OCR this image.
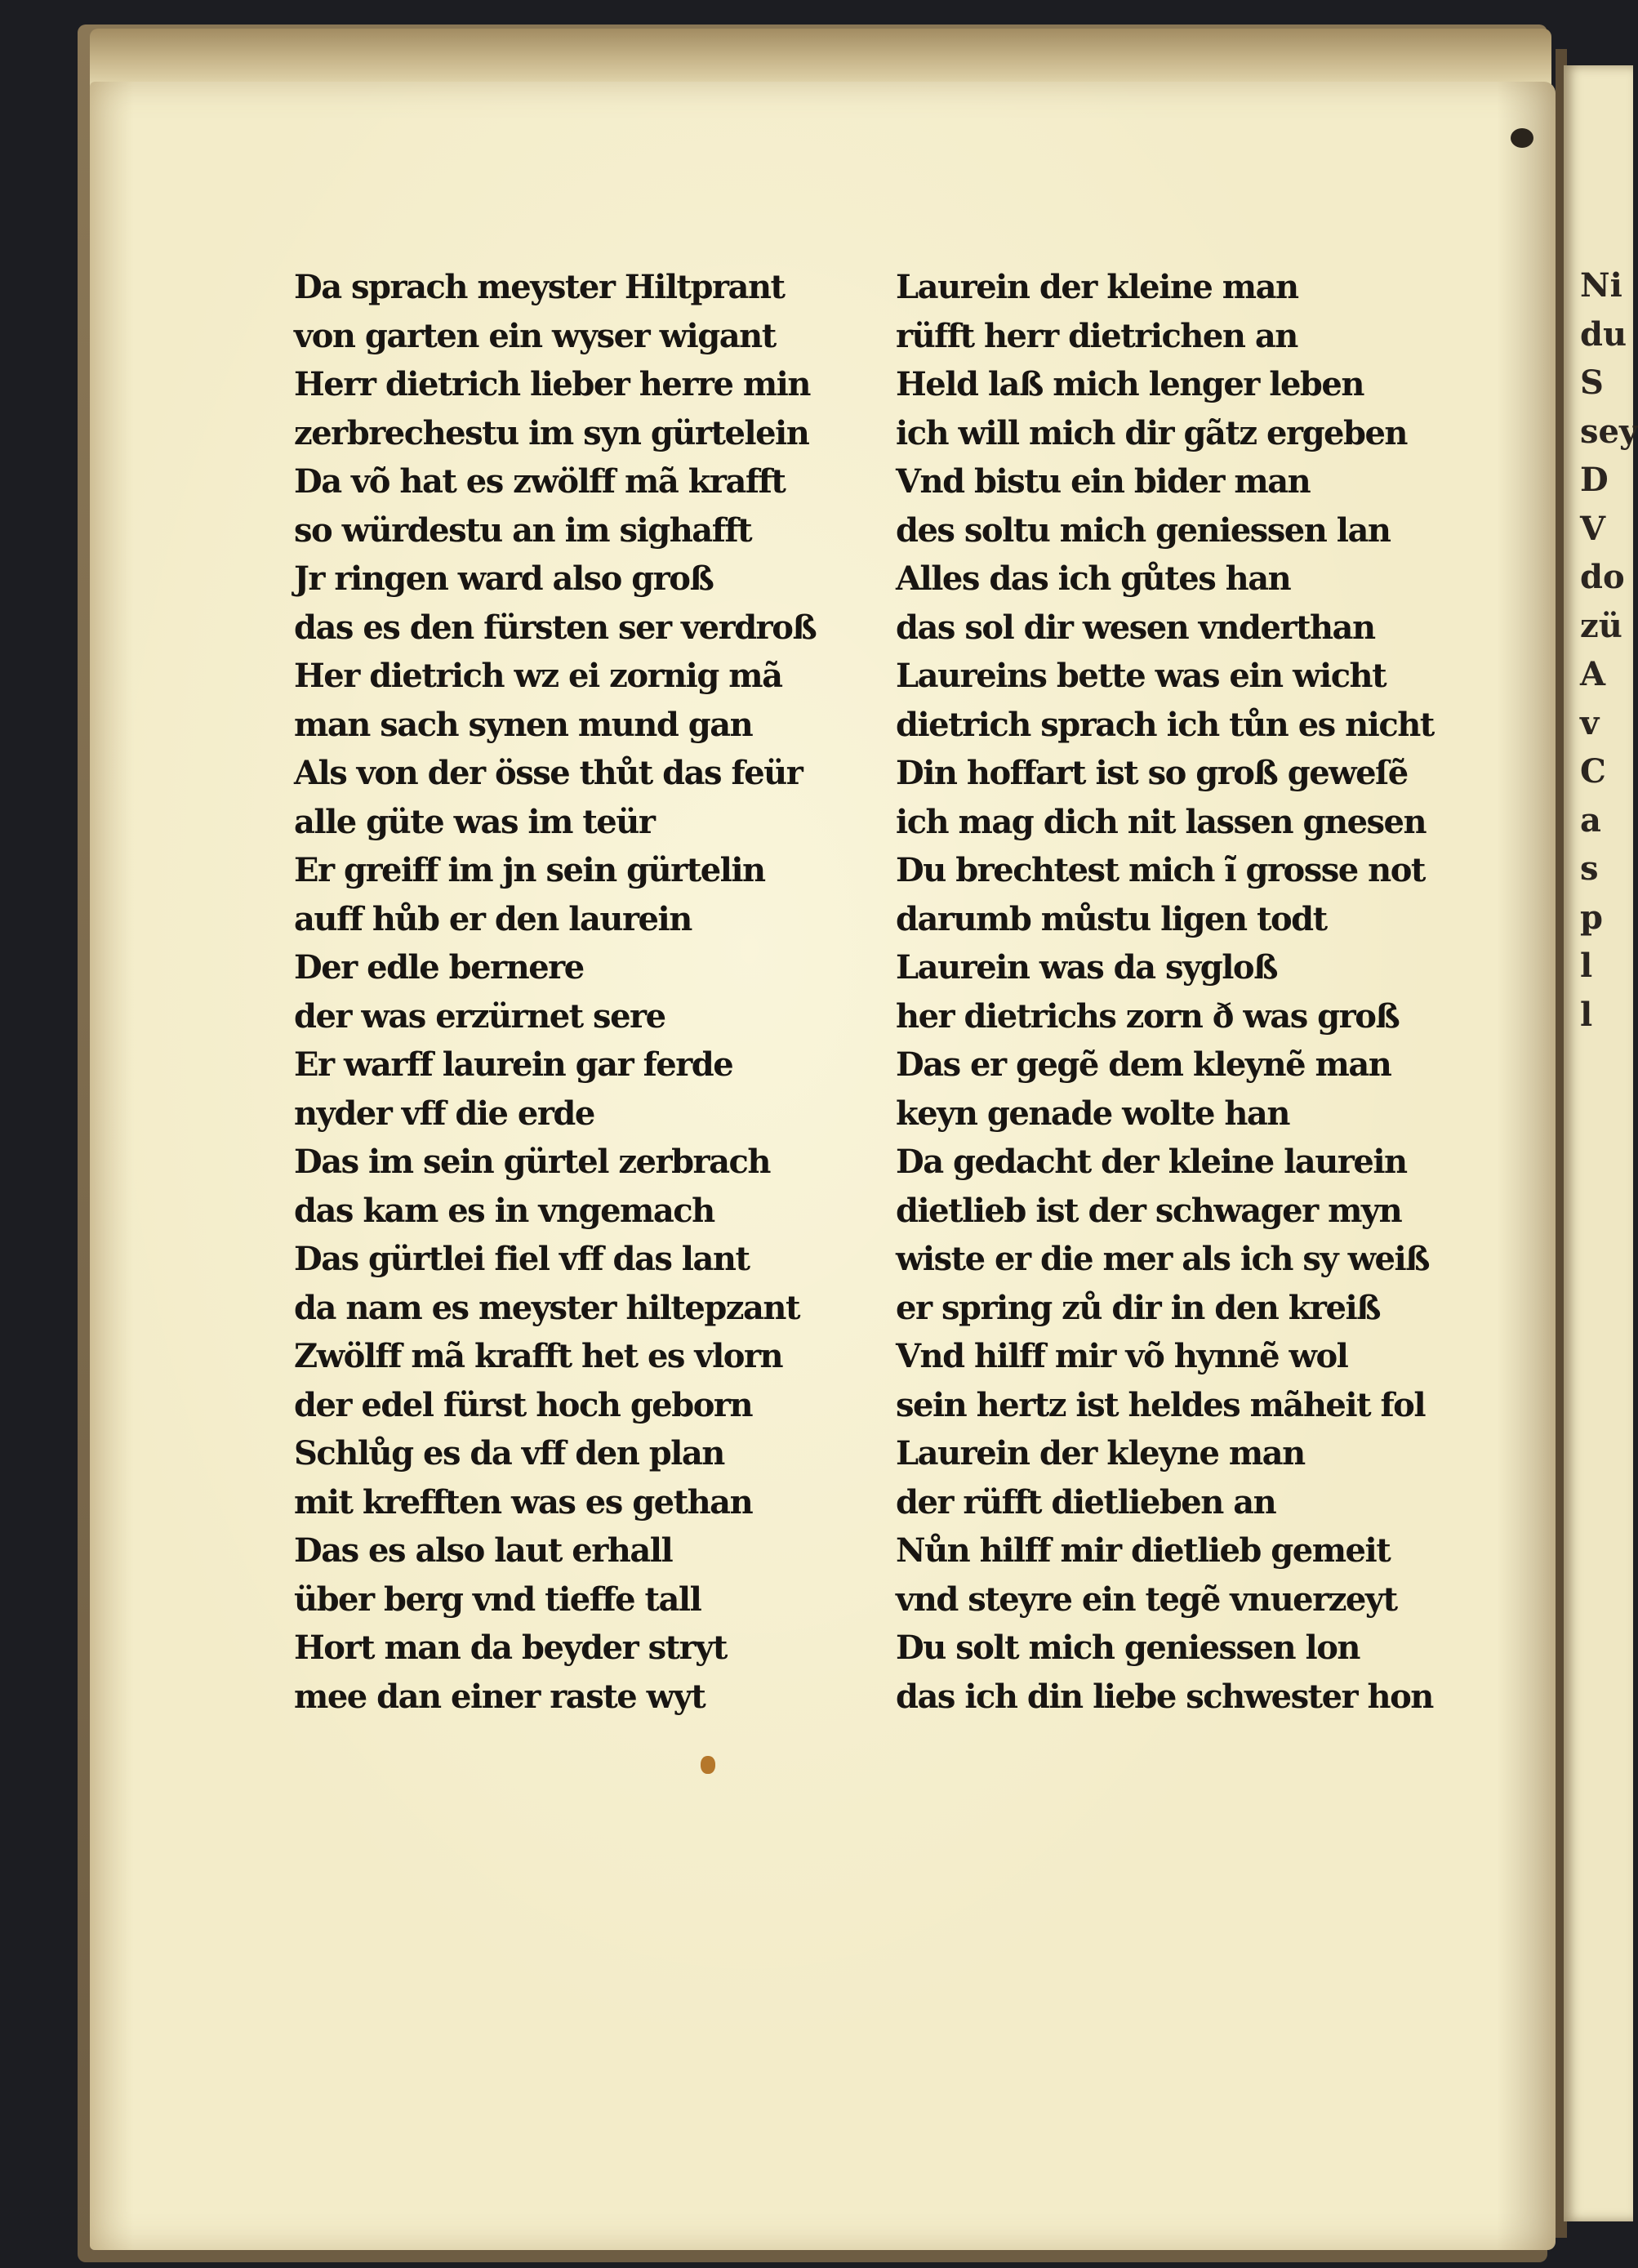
Ni
du
S
sey
D
V
do
zü
A
v
C
a
s
p
l
l
Da sprach meyster Hiltprant
von garten ein wyser wigant
Herr dietrich lieber herre min
zerbrechestu im syn gürtelein
Da võ hat es zwölff mã krafft
so würdestu an im sighafft
Jr ringen ward also groß
das es den fürsten ser verdroß
Her dietrich wz ei zornig mã
man sach synen mund gan
Als von der össe thůt das feür
alle güte was im teür
Er greiff im jn sein gürtelin
auff hůb er den laurein
Der edle bernere
der was erzürnet sere
Er warff laurein gar ferde
nyder vff die erde
Das im sein gürtel zerbrach
das kam es in vngemach
Das gürtlei fiel vff das lant
da nam es meyster hiltepzant
Zwölff mã krafft het es vlorn
der edel fürst hoch geborn
Schlůg es da vff den plan
mit krefften was es gethan
Das es also laut erhall
über berg vnd tieffe tall
Hort man da beyder stryt
mee dan einer raste wyt
Laurein der kleine man
rüfft herr dietrichen an
Held laß mich lenger leben
ich will mich dir gãtz ergeben
Vnd bistu ein bider man
des soltu mich geniessen lan
Alles das ich gůtes han
das sol dir wesen vnderthan
Laureins bette was ein wicht
dietrich sprach ich tůn es nicht
Din hoffart ist so groß geweſẽ
ich mag dich nit lassen gnesen
Du brechtest mich ĩ grosse not
darumb můstu ligen todt
Laurein was da sygloß
her dietrichs zorn ð was groß
Das er gegẽ dem kleynẽ man
keyn genade wolte han
Da gedacht der kleine laurein
dietlieb ist der schwager myn
wiste er die mer als ich sy weiß
er spring zů dir in den kreiß
Vnd hilff mir võ hynnẽ wol
sein hertz ist heldes mãheit fol
Laurein der kleyne man
der rüfft dietlieben an
Nůn hilff mir dietlieb gemeit
vnd steyre ein tegẽ vnuerzeyt
Du solt mich geniessen lon
das ich din liebe schwester hon
